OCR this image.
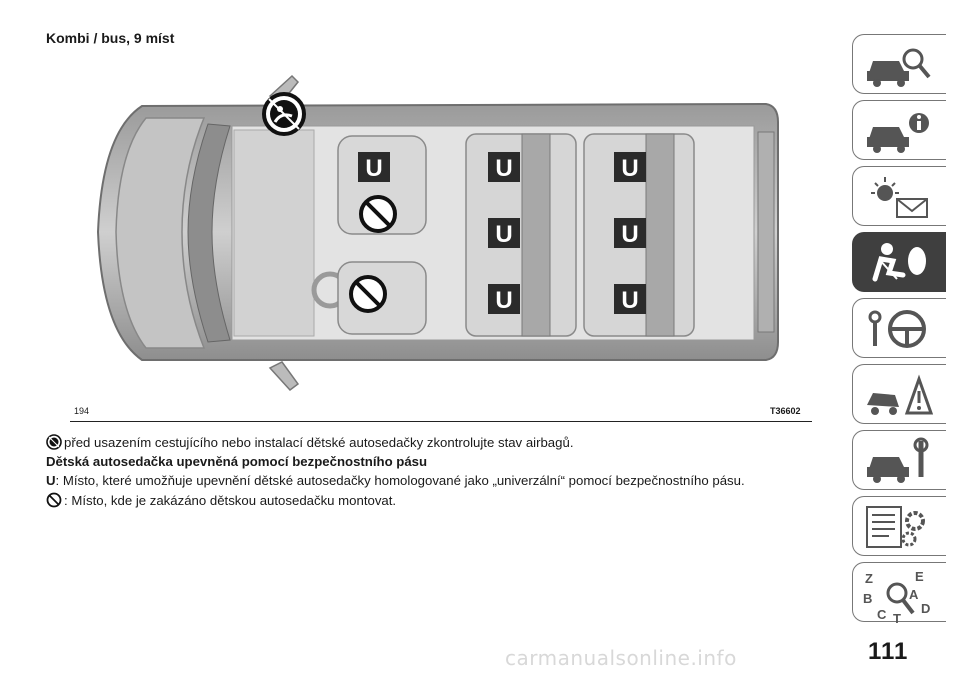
Kombi / bus, 9 míst
U	U
U
U
U
U
U
194	T36602
před usazením cestujícího nebo instalací dětské autosedačky zkontrolujte stav airbagů.
Dětská autosedačka upevněná pomocí bezpečnostního pásu
U: Místo, které umožňuje upevnění dětské autosedačky homologované jako „univerzální“ pomocí bezpečnostního pásu.
: Místo, kde je zakázáno dětskou autosedačku montovat.
Z	E
B	A
C	D
T
111
carmanualsonline.info
